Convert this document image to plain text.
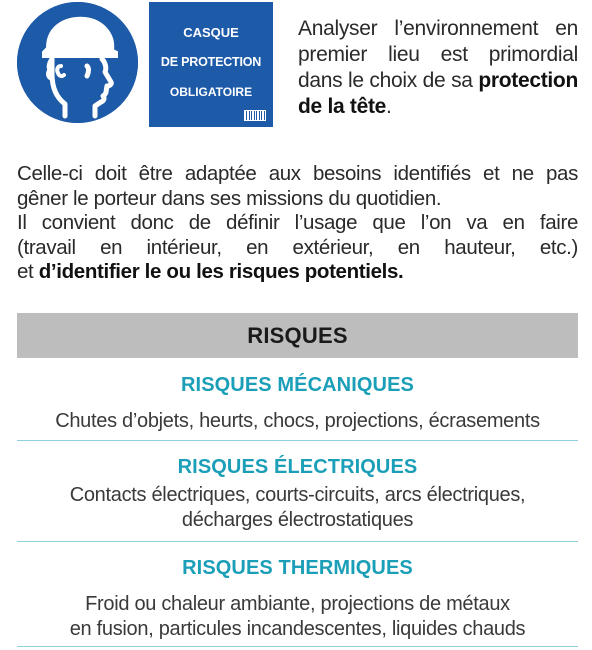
CASQUE
DE PROTECTION
OBLIGATOIRE
Analyser l’environnement en
premier lieu est primordial
dans le choix de sa protection
de la tête.
Celle-ci doit être adaptée aux besoins identifiés et ne pas
gêner le porteur dans ses missions du quotidien.
Il convient donc de définir l’usage que l’on va en faire
(travail en intérieur, en extérieur, en hauteur, etc.)
et d’identifier le ou les risques potentiels.
RISQUES
RISQUES MÉCANIQUES
Chutes d’objets, heurts, chocs, projections, écrasements
RISQUES ÉLECTRIQUES
Contacts électriques, courts-circuits, arcs électriques,
décharges électrostatiques
RISQUES THERMIQUES
Froid ou chaleur ambiante, projections de métaux
en fusion, particules incandescentes, liquides chauds
